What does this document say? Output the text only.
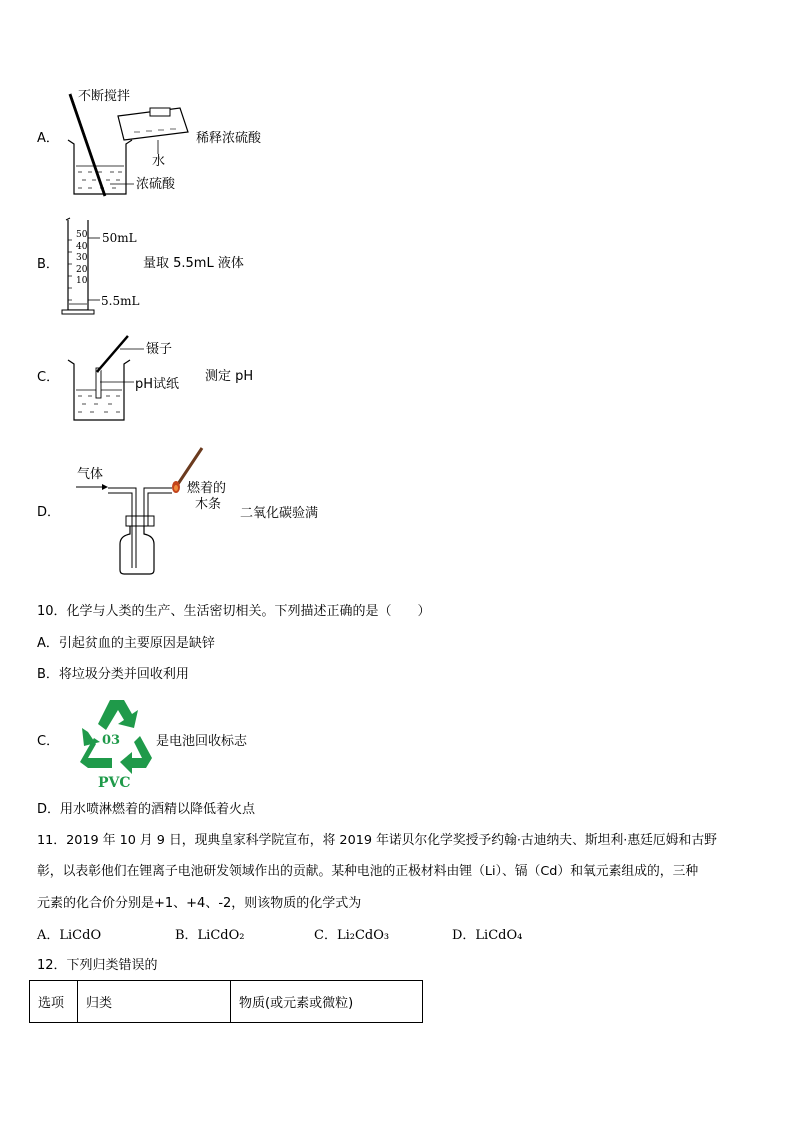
A．
不断搅拌
稀释浓硫酸
水
浓硫酸
B．
50
40
30
20
10
50mL
量取 5.5mL 液体
5.5mL
C．
镊子
pH试纸
测定 pH
D．
气体
燃着的
木条
二氧化碳验满
10．化学与人类的生产、生活密切相关。下列描述正确的是（　　）
A．引起贫血的主要原因是缺锌
B．将垃圾分类并回收利用
C．	03
PVC
是电池回收标志
D．用水喷淋燃着的酒精以降低着火点
11．2019 年 10 月 9 日，现典皇家科学院宣布，将 2019 年诺贝尔化学奖授予约翰·古迪纳夫、斯坦利·惠廷厄姆和古野
彰，以表彰他们在锂离子电池研发领域作出的贡献。某种电池的正极材料由锂（Li）、镉（Cd）和氧元素组成的，三种
元素的化合价分别是+1、+4、-2，则该物质的化学式为
A．LiCdO	B．LiCdO₂	C．Li₂CdO₃	D．LiCdO₄
12．下列归类错误的
选项	归类	物质(或元素或微粒)
